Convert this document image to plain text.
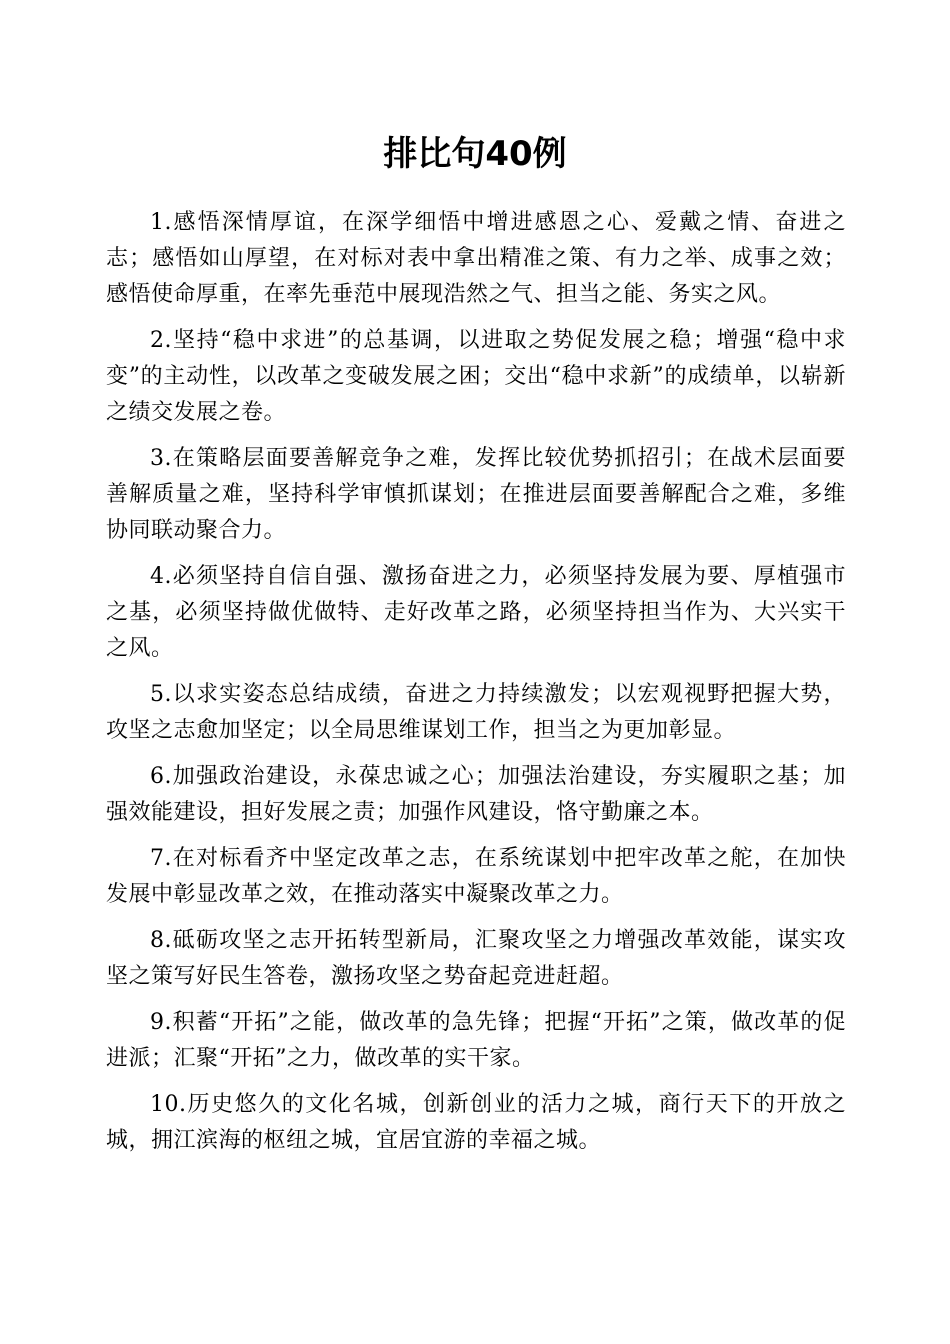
排比句40例

1.感悟深情厚谊，在深学细悟中增进感恩之心、爱戴之情、奋进之志；感悟如山厚望，在对标对表中拿出精准之策、有力之举、成事之效；感悟使命厚重，在率先垂范中展现浩然之气、担当之能、务实之风。

2.坚持“稳中求进”的总基调，以进取之势促发展之稳；增强“稳中求变”的主动性，以改革之变破发展之困；交出“稳中求新”的成绩单，以崭新之绩交发展之卷。

3.在策略层面要善解竞争之难，发挥比较优势抓招引；在战术层面要善解质量之难，坚持科学审慎抓谋划；在推进层面要善解配合之难，多维协同联动聚合力。

4.必须坚持自信自强、激扬奋进之力，必须坚持发展为要、厚植强市之基，必须坚持做优做特、走好改革之路，必须坚持担当作为、大兴实干之风。

5.以求实姿态总结成绩，奋进之力持续激发；以宏观视野把握大势，攻坚之志愈加坚定；以全局思维谋划工作，担当之为更加彰显。

6.加强政治建设，永葆忠诚之心；加强法治建设，夯实履职之基；加强效能建设，担好发展之责；加强作风建设，恪守勤廉之本。

7.在对标看齐中坚定改革之志，在系统谋划中把牢改革之舵，在加快发展中彰显改革之效，在推动落实中凝聚改革之力。

8.砥砺攻坚之志开拓转型新局，汇聚攻坚之力增强改革效能，谋实攻坚之策写好民生答卷，激扬攻坚之势奋起竞进赶超。

9.积蓄“开拓”之能，做改革的急先锋；把握“开拓”之策，做改革的促进派；汇聚“开拓”之力，做改革的实干家。

10.历史悠久的文化名城，创新创业的活力之城，商行天下的开放之城，拥江滨海的枢纽之城，宜居宜游的幸福之城。
